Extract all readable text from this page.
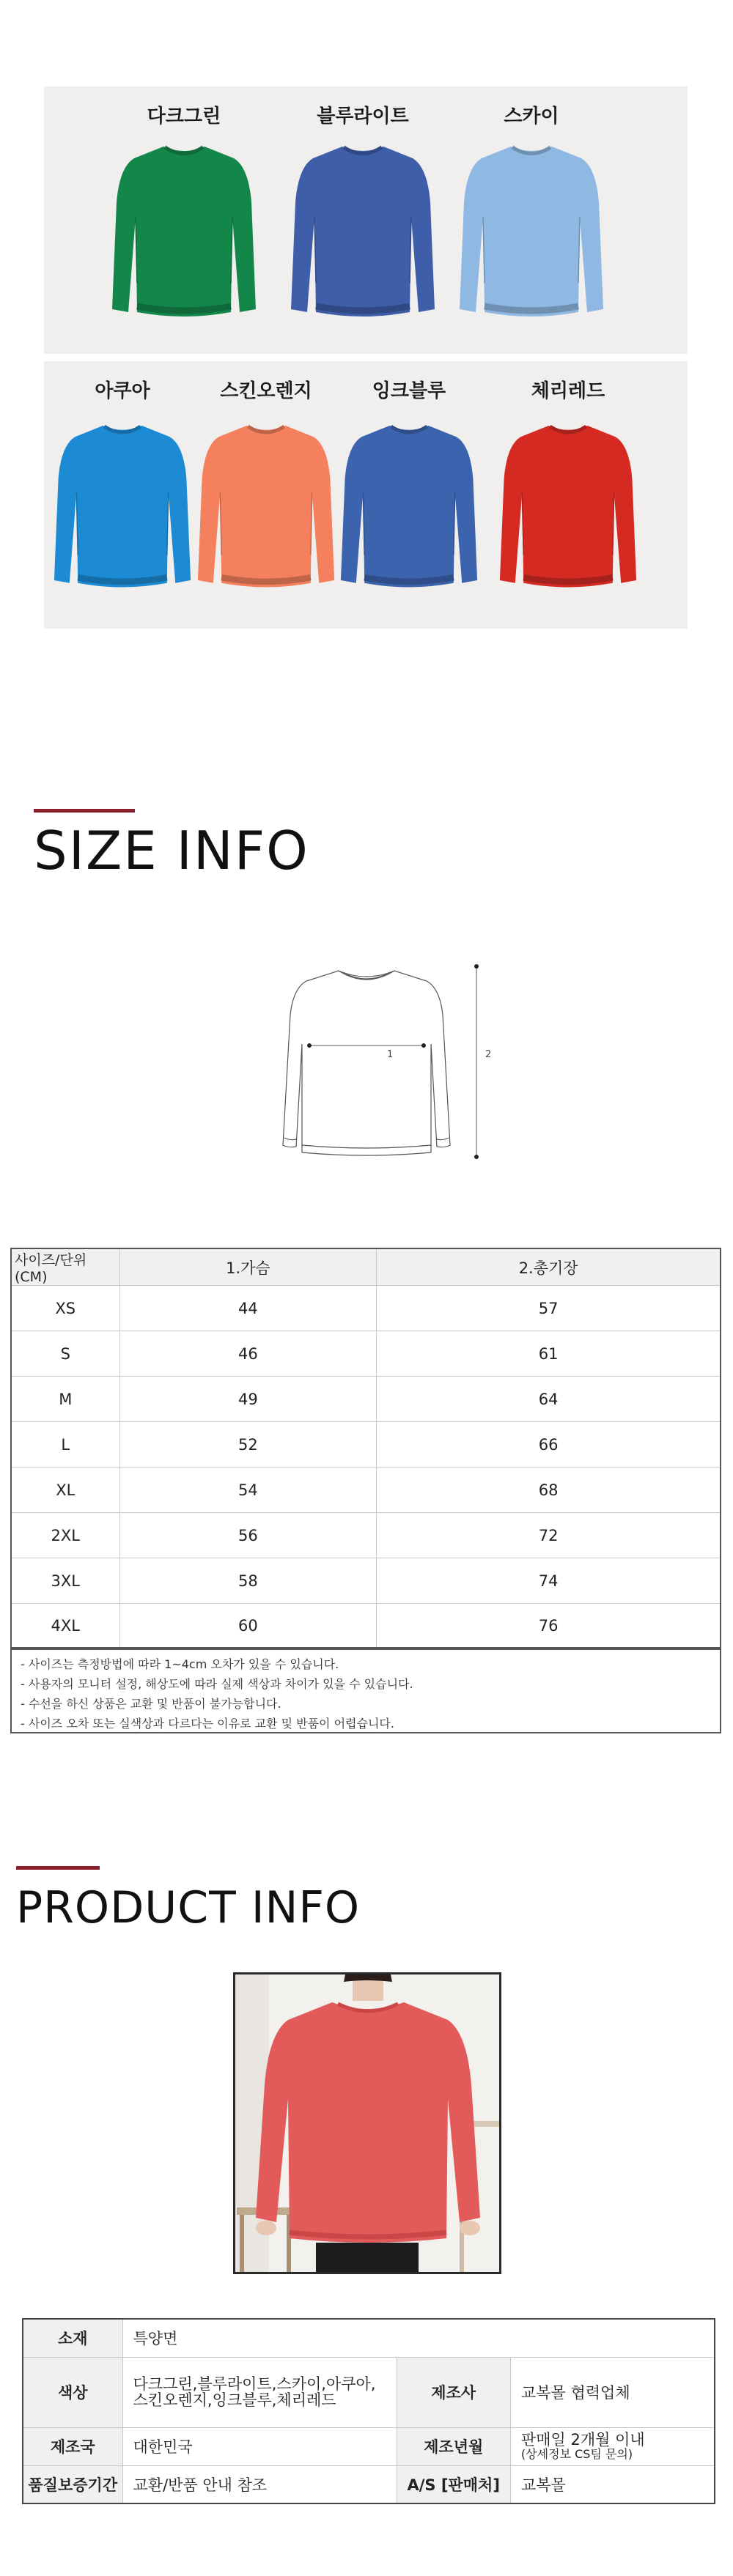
다크그린	블루라이트	스카이
아쿠아	스킨오렌지	잉크블루	체리레드
SIZE INFO
1	2
사이즈/단위(CM)	1.가슴	2.총기장
XS	44	57
S	46	61
M	49	64
L	52	66
XL	54	68
2XL	56	72
3XL	58	74
4XL	60	76
- 사이즈는 측정방법에 따라 1~4cm 오차가 있을 수 있습니다.
- 사용자의 모니터 설정, 해상도에 따라 실제 색상과 차이가 있을 수 있습니다.
- 수선을 하신 상품은 교환 및 반품이 불가능합니다.
- 사이즈 오차 또는 실색상과 다르다는 이유로 교환 및 반품이 어렵습니다.
PRODUCT INFO
소재	특양면		
색상	다크그린,블루라이트,스카이,아쿠아,
스킨오렌지,잉크블루,체리레드	제조사	교복몰 협력업체
제조국	대한민국	제조년월	판매일 2개월 이내
(상세정보 CS팀 문의)

품질보증기간	교환/반품 안내 참조	A/S [판매처]	교복몰
